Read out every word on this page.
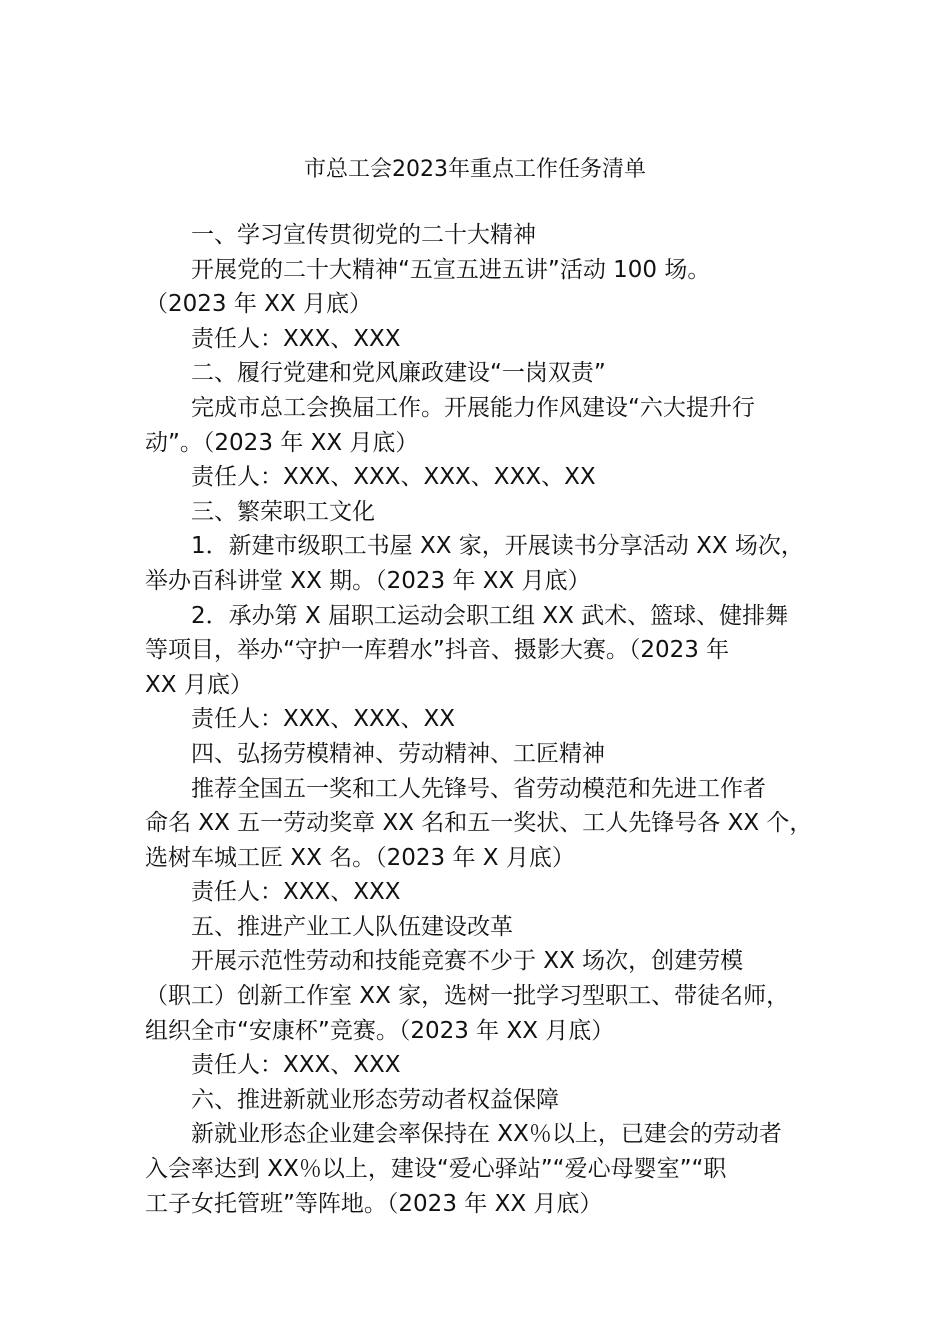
市总工会2023年重点工作任务清单
一、学习宣传贯彻党的二十大精神
开展党的二十大精神“五宣五进五讲”活动 100 场。
（2023 年 XX 月底）
责任人：XXX、XXX
二、履行党建和党风廉政建设“一岗双责”
完成市总工会换届工作。开展能力作风建设“六大提升行
动”。（2023 年 XX 月底）
责任人：XXX、XXX、XXX、XXX、XX
三、繁荣职工文化
1．新建市级职工书屋 XX 家，开展读书分享活动 XX 场次，
举办百科讲堂 XX 期。（2023 年 XX 月底）
2．承办第 X 届职工运动会职工组 XX 武术、篮球、健排舞
等项目，举办“守护一库碧水”抖音、摄影大赛。（2023 年
XX 月底）
责任人：XXX、XXX、XX
四、弘扬劳模精神、劳动精神、工匠精神
推荐全国五一奖和工人先锋号、省劳动模范和先进工作者
命名 XX 五一劳动奖章 XX 名和五一奖状、工人先锋号各 XX 个，
选树车城工匠 XX 名。（2023 年 X 月底）
责任人：XXX、XXX
五、推进产业工人队伍建设改革
开展示范性劳动和技能竞赛不少于 XX 场次，创建劳模
（职工）创新工作室 XX 家，选树一批学习型职工、带徒名师，
组织全市“安康杯”竞赛。（2023 年 XX 月底）
责任人：XXX、XXX
六、推进新就业形态劳动者权益保障
新就业形态企业建会率保持在 XX％以上，已建会的劳动者
入会率达到 XX％以上，建设“爱心驿站”“爱心母婴室”“职
工子女托管班”等阵地。（2023 年 XX 月底）
